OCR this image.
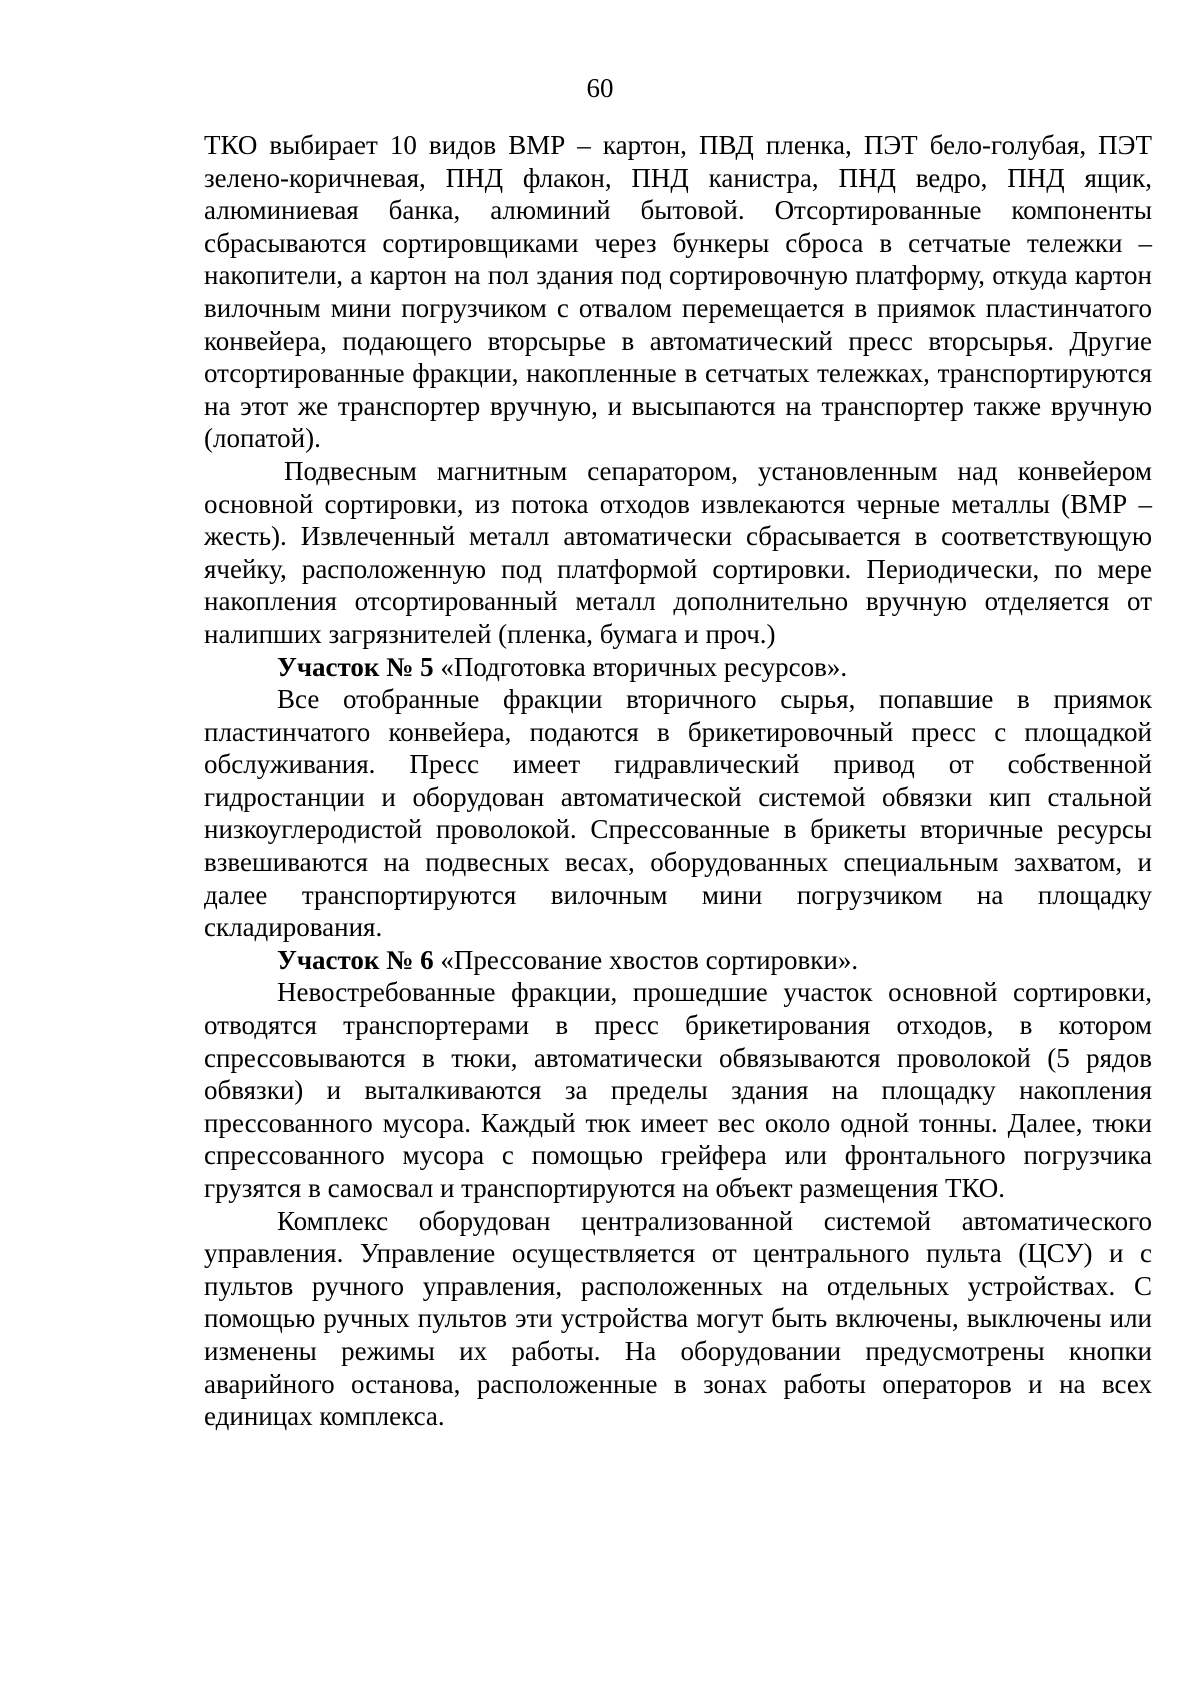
60

ТКО выбирает 10 видов ВМР – картон, ПВД пленка, ПЭТ бело-голубая, ПЭТ зелено-коричневая, ПНД флакон, ПНД канистра, ПНД ведро, ПНД ящик, алюминиевая банка, алюминий бытовой. Отсортированные компоненты сбрасываются сортировщиками через бункеры сброса в сетчатые тележки – накопители, а картон на пол здания под сортировочную платформу, откуда картон вилочным мини погрузчиком с отвалом перемещается в приямок пластинчатого конвейера, подающего вторсырье в автоматический пресс вторсырья. Другие отсортированные фракции, накопленные в сетчатых тележках, транспортируются на этот же транспортер вручную, и высыпаются на транспортер также вручную (лопатой).

Подвесным магнитным сепаратором, установленным над конвейером основной сортировки, из потока отходов извлекаются черные металлы (ВМР – жесть). Извлеченный металл автоматически сбрасывается в соответствующую ячейку, расположенную под платформой сортировки. Периодически, по мере накопления отсортированный металл дополнительно вручную отделяется от налипших загрязнителей (пленка, бумага и проч.)

Участок № 5 «Подготовка вторичных ресурсов».

Все отобранные фракции вторичного сырья, попавшие в приямок пластинчатого конвейера, подаются в брикетировочный пресс с площадкой обслуживания. Пресс имеет гидравлический привод от собственной гидростанции и оборудован автоматической системой обвязки кип стальной низкоуглеродистой проволокой. Спрессованные в брикеты вторичные ресурсы взвешиваются на подвесных весах, оборудованных специальным захватом, и далее транспортируются вилочным мини погрузчиком на площадку складирования.

Участок № 6 «Прессование хвостов сортировки».

Невостребованные фракции, прошедшие участок основной сортировки, отводятся транспортерами в пресс брикетирования отходов, в котором спрессовываются в тюки, автоматически обвязываются проволокой (5 рядов обвязки) и выталкиваются за пределы здания на площадку накопления прессованного мусора. Каждый тюк имеет вес около одной тонны. Далее, тюки спрессованного мусора с помощью грейфера или фронтального погрузчика грузятся в самосвал и транспортируются на объект размещения ТКО.

Комплекс оборудован централизованной системой автоматического управления. Управление осуществляется от центрального пульта (ЦСУ) и с пультов ручного управления, расположенных на отдельных устройствах. С помощью ручных пультов эти устройства могут быть включены, выключены или изменены режимы их работы. На оборудовании предусмотрены кнопки аварийного останова, расположенные в зонах работы операторов и на всех единицах комплекса.
